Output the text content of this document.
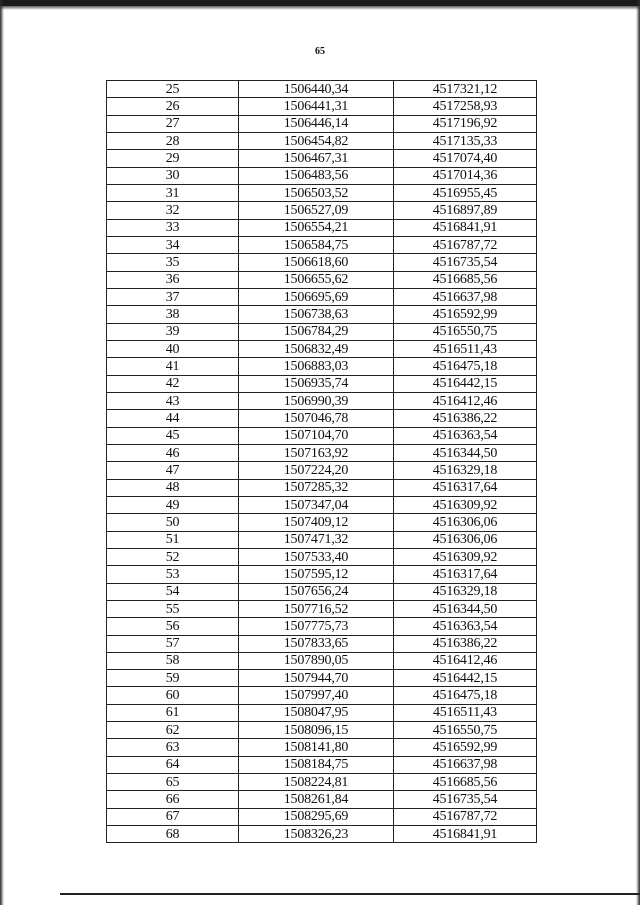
65
25	1506440,34	4517321,12
26	1506441,31	4517258,93
27	1506446,14	4517196,92
28	1506454,82	4517135,33
29	1506467,31	4517074,40
30	1506483,56	4517014,36
31	1506503,52	4516955,45
32	1506527,09	4516897,89
33	1506554,21	4516841,91
34	1506584,75	4516787,72
35	1506618,60	4516735,54
36	1506655,62	4516685,56
37	1506695,69	4516637,98
38	1506738,63	4516592,99
39	1506784,29	4516550,75
40	1506832,49	4516511,43
41	1506883,03	4516475,18
42	1506935,74	4516442,15
43	1506990,39	4516412,46
44	1507046,78	4516386,22
45	1507104,70	4516363,54
46	1507163,92	4516344,50
47	1507224,20	4516329,18
48	1507285,32	4516317,64
49	1507347,04	4516309,92
50	1507409,12	4516306,06
51	1507471,32	4516306,06
52	1507533,40	4516309,92
53	1507595,12	4516317,64
54	1507656,24	4516329,18
55	1507716,52	4516344,50
56	1507775,73	4516363,54
57	1507833,65	4516386,22
58	1507890,05	4516412,46
59	1507944,70	4516442,15
60	1507997,40	4516475,18
61	1508047,95	4516511,43
62	1508096,15	4516550,75
63	1508141,80	4516592,99
64	1508184,75	4516637,98
65	1508224,81	4516685,56
66	1508261,84	4516735,54
67	1508295,69	4516787,72
68	1508326,23	4516841,91
